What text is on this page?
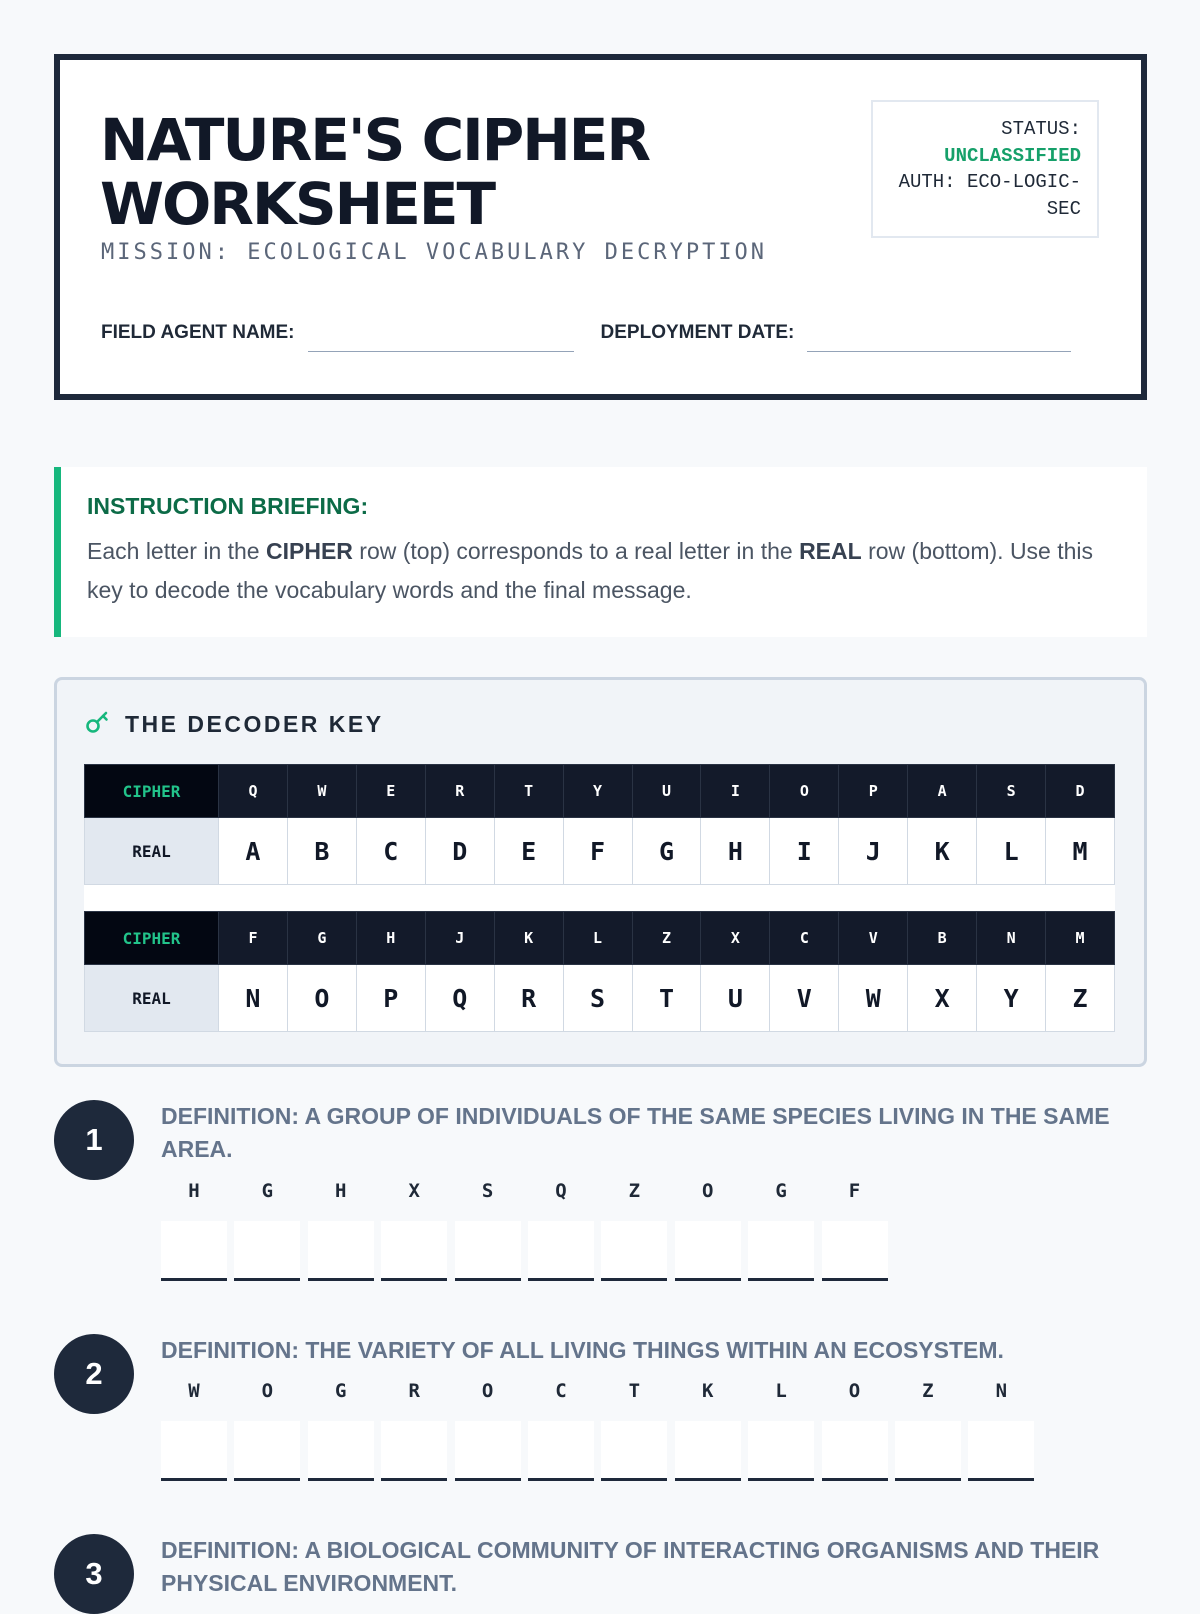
NATURE'S CIPHER WORKSHEET

MISSION: ECOLOGICAL VOCABULARY DECRYPTION

STATUS:
UNCLASSIFIED
AUTH: ECO-LOGIC-SEC
FIELD AGENT NAME:	DEPLOYMENT DATE:

INSTRUCTION BRIEFING:

Each letter in the CIPHER row (top) corresponds to a real letter in the REAL row (bottom). Use this key to decode the vocabulary words and the final message.

THE DECODER KEY
CIPHER	Q	W	E	R	T	Y	U	I	O	P	A	S	D
REAL	A	B	C	D	E	F	G	H	I	J	K	L	M
CIPHER	F	G	H	J	K	L	Z	X	C	V	B	N	M
REAL	N	O	P	Q	R	S	T	U	V	W	X	Y	Z
1

DEFINITION: A GROUP OF INDIVIDUALS OF THE SAME SPECIES LIVING IN THE SAME AREA.

H	G	H	X	S	Q	Z	O	G	F
2

DEFINITION: THE VARIETY OF ALL LIVING THINGS WITHIN AN ECOSYSTEM.

W	O	G	R	O	C	T	K	L	O	Z	N
3

DEFINITION: A BIOLOGICAL COMMUNITY OF INTERACTING ORGANISMS AND THEIR PHYSICAL ENVIRONMENT.
